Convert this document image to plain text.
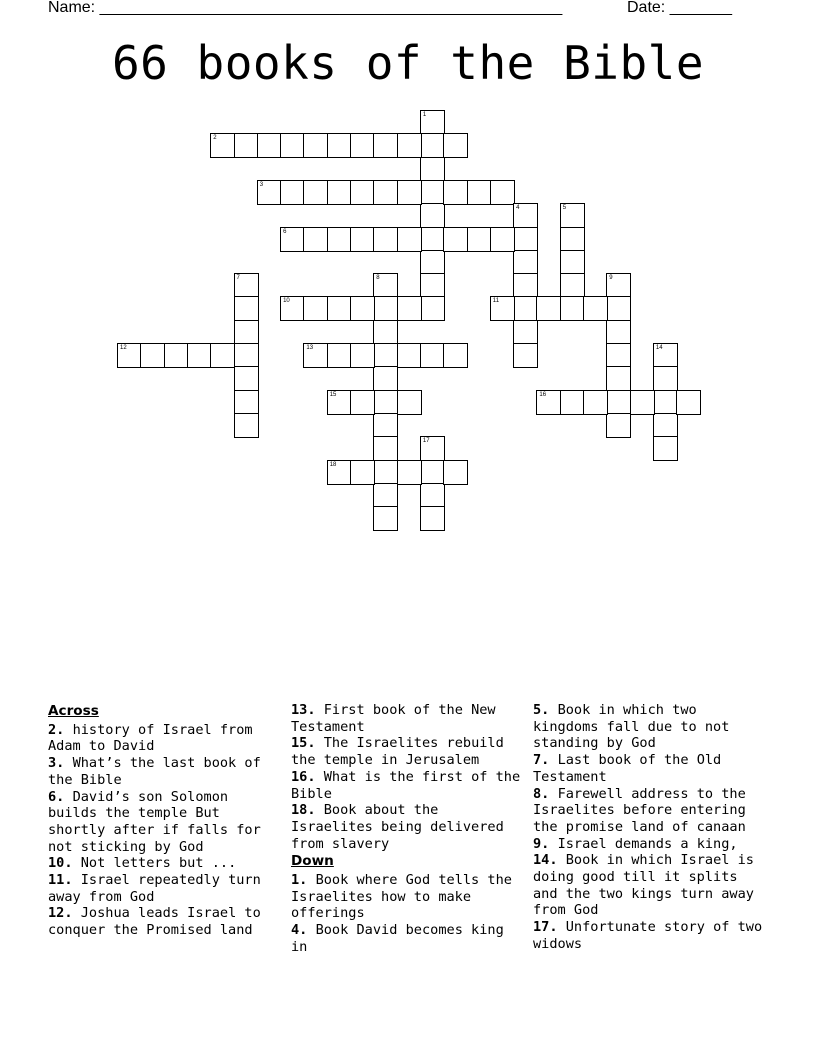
Name: ____________________________________________________	Date: _______
66 books of the Bible
1
2
3
4	5
6
7	8	9
10	11
12	13	14
15	16
17
18
Across
2. history of Israel from Adam to David
3. What’s the last book of the Bible
6. David’s son Solomon builds the temple But shortly after if falls for not sticking by God
10. Not letters but ...
11. Israel repeatedly turn away from God
12. Joshua leads Israel to conquer the Promised land
13. First book of the New Testament
15. The Israelites rebuild the temple in Jerusalem
16. What is the first of the Bible
18. Book about the Israelites being delivered from slavery
Down
1. Book where God tells the Israelites how to make offerings
4. Book David becomes king in
5. Book in which two kingdoms fall due to not standing by God
7. Last book of the Old Testament
8. Farewell address to the Israelites before entering the promise land of canaan
9. Israel demands a king,
14. Book in which Israel is doing good till it splits and the two kings turn away from God
17. Unfortunate story of two widows
